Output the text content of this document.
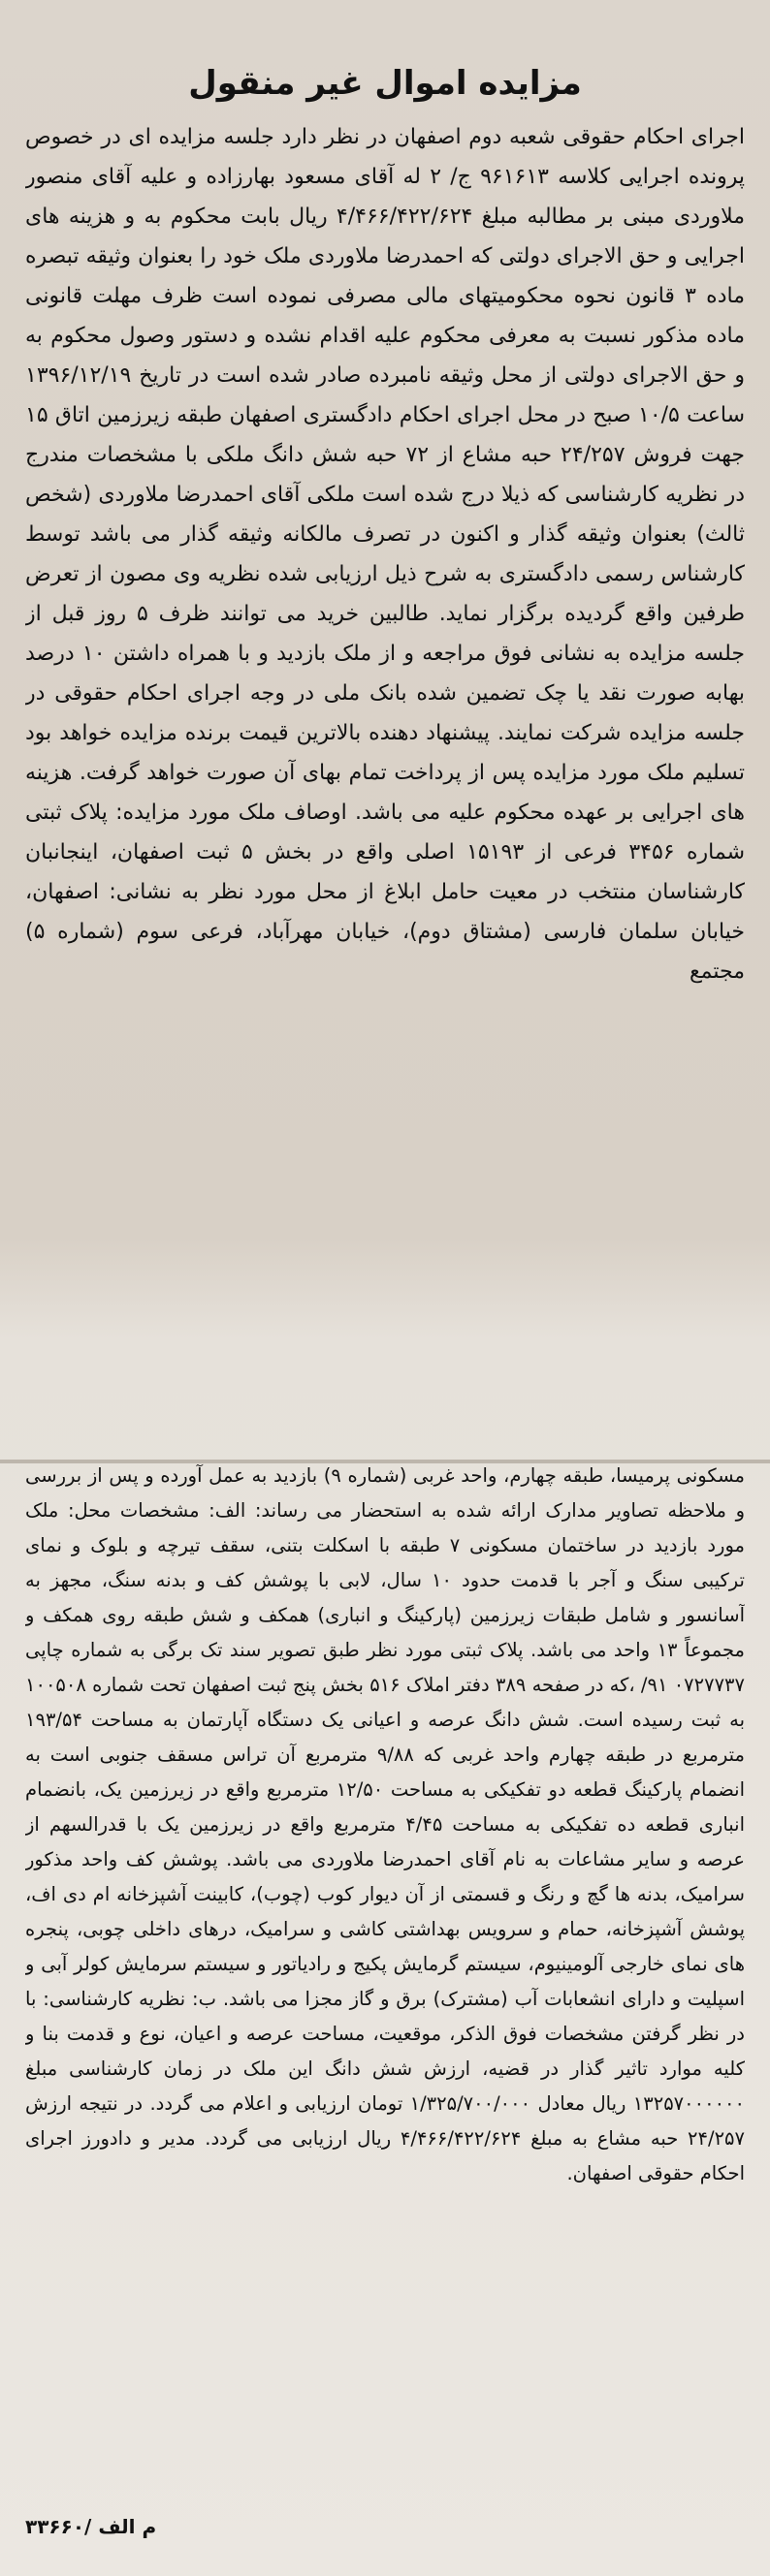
مزایده اموال غیر منقول

اجرای احکام حقوقی شعبه دوم اصفهان در نظر دارد جلسه مزایده ای در خصوص پرونده اجرایی کلاسه ۹۶۱۶۱۳ ج/ ۲ له آقای مسعود بهارزاده و علیه آقای منصور ملاوردی مبنی بر مطالبه مبلغ ۴/۴۶۶/۴۲۲/۶۲۴ ریال بابت محکوم به و هزینه های اجرایی و حق الاجرای دولتی که احمدرضا ملاوردی ملک خود را بعنوان وثیقه تبصره ماده ۳ قانون نحوه محکومیتهای مالی مصرفی نموده است ظرف مهلت قانونی ماده مذکور نسبت به معرفی محکوم علیه اقدام نشده و دستور وصول محکوم به و حق الاجرای دولتی از محل وثیقه نامبرده صادر شده است در تاریخ ۱۳۹۶/۱۲/۱۹ ساعت ۱۰/۵ صبح در محل اجرای احکام دادگستری اصفهان طبقه زیرزمین اتاق ۱۵ جهت فروش ۲۴/۲۵۷ حبه مشاع از ۷۲ حبه شش دانگ ملکی با مشخصات مندرج در نظریه کارشناسی که ذیلا درج شده است ملکی آقای احمدرضا ملاوردی (شخص ثالث) بعنوان وثیقه گذار و اکنون در تصرف مالکانه وثیقه گذار می باشد توسط کارشناس رسمی دادگستری به شرح ذیل ارزیابی شده نظریه وی مصون از تعرض طرفین واقع گردیده برگزار نماید. طالبین خرید می توانند ظرف ۵ روز قبل از جلسه مزایده به نشانی فوق مراجعه و از ملک بازدید و با همراه داشتن ۱۰ درصد بهابه صورت نقد یا چک تضمین شده بانک ملی در وجه اجرای احکام حقوقی در جلسه مزایده شرکت نمایند. پیشنهاد دهنده بالاترین قیمت برنده مزایده خواهد بود تسلیم ملک مورد مزایده پس از پرداخت تمام بهای آن صورت خواهد گرفت. هزینه های اجرایی بر عهده محکوم علیه می باشد. اوصاف ملک مورد مزایده: پلاک ثبتی شماره ۳۴۵۶ فرعی از ۱۵۱۹۳ اصلی واقع در بخش ۵ ثبت اصفهان، اینجانبان کارشناسان منتخب در معیت حامل ابلاغ از محل مورد نظر به نشانی: اصفهان، خیابان سلمان فارسی (مشتاق دوم)، خیابان مهرآباد، فرعی سوم (شماره ۵) مجتمع

مسکونی پرمیسا، طبقه چهارم، واحد غربی (شماره ۹) بازدید به عمل آورده و پس از بررسی و ملاحظه تصاویر مدارک ارائه شده به استحضار می رساند: الف: مشخصات محل: ملک مورد بازدید در ساختمان مسکونی ۷ طبقه با اسکلت بتنی، سقف تیرچه و بلوک و نمای ترکیبی سنگ و آجر با قدمت حدود ۱۰ سال، لابی با پوشش کف و بدنه سنگ، مجهز به آسانسور و شامل طبقات زیرزمین (پارکینگ و انباری) همکف و شش طبقه روی همکف و مجموعاً ۱۳ واحد می باشد. پلاک ثبتی مورد نظر طبق تصویر سند تک برگی به شماره چاپی ۰۷۲۷۷۳۷ ۹۱/ ،که در صفحه ۳۸۹ دفتر املاک ۵۱۶ بخش پنج ثبت اصفهان تحت شماره ۱۰۰۵۰۸ به ثبت رسیده است. شش دانگ عرصه و اعیانی یک دستگاه آپارتمان به مساحت ۱۹۳/۵۴ مترمربع در طبقه چهارم واحد غربی که ۹/۸۸ مترمربع آن تراس مسقف جنوبی است به انضمام پارکینگ قطعه دو تفکیکی به مساحت ۱۲/۵۰ مترمربع واقع در زیرزمین یک، بانضمام انباری قطعه ده تفکیکی به مساحت ۴/۴۵ مترمربع واقع در زیرزمین یک با قدرالسهم از عرصه و سایر مشاعات به نام آقای احمدرضا ملاوردی می باشد. پوشش کف واحد مذکور سرامیک، بدنه ها گچ و رنگ و قسمتی از آن دیوار کوب (چوب)، کابینت آشپزخانه ام دی اف، پوشش آشپزخانه، حمام و سرویس بهداشتی کاشی و سرامیک، درهای داخلی چوبی، پنجره های نمای خارجی آلومینیوم، سیستم گرمایش پکیج و رادیاتور و سیستم سرمایش کولر آبی و اسپلیت و دارای انشعابات آب (مشترک) برق و گاز مجزا می باشد. ب: نظریه کارشناسی: با در نظر گرفتن مشخصات فوق الذکر، موقعیت، مساحت عرصه و اعیان، نوع و قدمت بنا و کلیه موارد تاثیر گذار در قضیه، ارزش شش دانگ این ملک در زمان کارشناسی مبلغ ۱۳۲۵۷۰۰۰۰۰۰ ریال معادل ۱/۳۲۵/۷۰۰/۰۰۰ تومان ارزیابی و اعلام می گردد. در نتیجه ارزش ۲۴/۲۵۷ حبه مشاع به مبلغ ۴/۴۶۶/۴۲۲/۶۲۴ ریال ارزیابی می گردد. مدیر و دادورز اجرای احکام حقوقی اصفهان.

۳۳۶۶۰/ م الف
